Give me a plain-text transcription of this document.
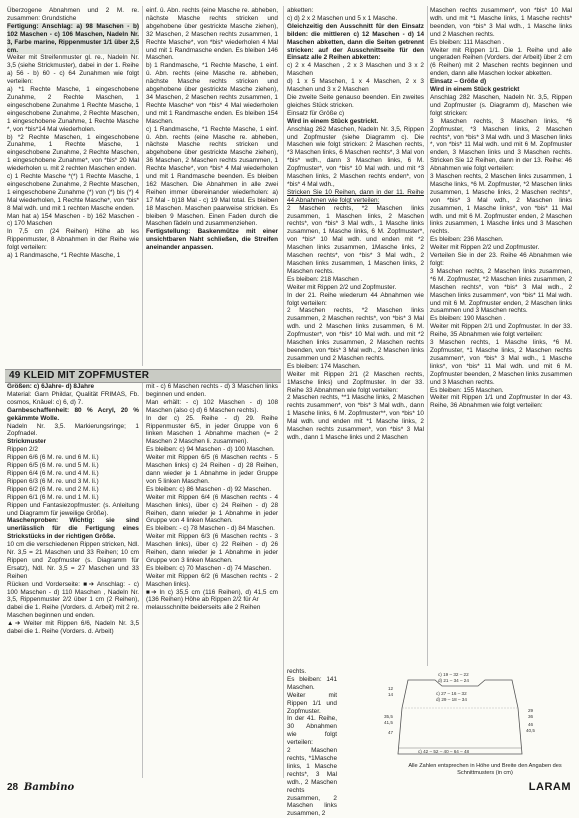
Überzogene Abnahmen und 2 M. re. zusammen: Grundstiche

Fertigung: Anschlag: a) 98 Maschen - b) 102 Maschen - c) 106 Maschen, Nadeln Nr. 3, Farbe marine, Rippenmuster 1/1 über 2,5 cm.

Weiter mit Streifenmuster gl. re., Nadeln Nr. 3,5 (siehe Strickmuster), dabei in der 1. Reihe a) 56 - b) 60 - c) 64 Zunahmen wie folgt verteilen:

a) *1 Rechte Masche, 1 eingeschobene Zunahme, 2 Rechte Maschen, 1 eingeschobene Zunahme 1 Rechte Masche, 1 eingeschobene Zunahme, 2 Rechte Maschen, 1 eingeschobene Zunahme, 1 Rechte Masche *, von *bis*14 Mal wiederholen.

b) *2 Rechte Maschen, 1 eingeschobene Zunahme, 1 Rechte Masche, 1 eingeschobene Zunahme, 2 Rechte Maschen, 1 eingeschobene Zunahme*, von *bis* 20 Mal wiederholen u. mit 2 rechten Maschen enden.

c) 1 Rechte Masche *(*) 1 Rechte Masche, 1 eingeschobene Zunahme, 2 Rechte Maschen, 1 eingeschobene Zunahme (*) von (*) bis (*) 4 Mal wiederholen, 1 Rechte Masche*, von *bis* 8 Mal wdh. und mit 1 rechten Masche enden.

Man hat a) 154 Maschen - b) 162 Maschen - c) 170 Maschen

In 7,5 cm (24 Reihen) Höhe ab les Rippenmuster, 8 Abnahmen in der Reihe wie folgt verteilen:

a) 1 Randmasche, *1 Rechte Masche, 1

einf. û. Abn. rechts (eine Masche re. abheben, nächste Masche rechts stricken und abgehobene über gestrickte Masche ziehen), 32 Maschen, 2 Maschen rechts zusammen, 1 Rechte Masche*, von *bis* wiederholen 4 Mal und mit 1 Randmasche enden. Es bleiben 146 Maschen.

b) 1 Randmasche, *1 Rechte Masche, 1 einf. û. Abn. rechts (eine Masche re. abheben, nächste Masche rechts stricken und abgehobene über gestrickte Masche ziehen), 34 Maschen, 2 Maschen rechts zusammen, 1 Rechte Masche* von *bis* 4 Mal wiederholen und mit 1 Randmasche enden. Es bleiben 154 Maschen.

c) 1 Randmasche, *1 Rechte Masche, 1 einf. û. Abn. rechts (eine Masche re. abheben, nächste Masche rechts stricken und abgehobene über gestrickte Masche ziehen), 36 Maschen, 2 Maschen rechts zusammen, 1 Rechte Masche*, von *bis* 4 Mal wiederholen und mit 1 Randmasche beenden. Es bleiben 162 Maschen. Die Abnahmen in alle zwei Reihen immer übereinander wiederholen: a) 17 Mal - b)18 Mal - c) 19 Mal total. Es bleiben 18 Maschen. Maschen paarweise stricken. Es bleiben 9 Maschen. Einen Faden durch die Maschen fädeln und zusammenziehen.

Fertigstellung: Baskenmütze mit einer unsichtbaren Naht schließen, die Streifen aneinander anpassen.

49 KLEID MIT ZOPFMUSTER

Größen: c) 6Jahre- d) 8Jahre

Material: Garn Phildar, Qualität FRIMAS, Fb. cosmos, Knäuel: c) 6, d) 7.

Garnbeschaffenheit: 80 % Acryl, 20 % gekämmte Wolle.

Nadeln Nr. 3,5. Markierungsringe; 1 Zopfnadel.

Strickmuster

Rippen 2/2

Rippen 6/6 (6 M. re. und 6 M. li.)

Rippen 6/5 (6 M. re. und 5 M. li.)

Rippen 6/4 (6 M. re. und 4 M. li.)

Rippen 6/3 (6 M. re. und 3 M. li.)

Rippen 6/2 (6 M. re. und 2 M. li.)

Rippen 6/1 (6 M. re. und 1 M. li.)

Rippen und Fantasiezopfmuster: (s. Anleitung und Diagramm für jeweilige Größe).

Maschenproben: Wichtig: sie sind unerlässlich für die Fertigung eines Strickstücks in der richtigen Größe.

10 cm die verschiedenen Rippen stricken, Ndl. Nr. 3,5 = 21 Maschen und 33 Reihen; 10 cm Rippen und Zopfmuster (s. Diagramm für Ersatz), Ndl. Nr. 3,5 = 27 Maschen und 33 Reihen

Rücken und Vorderseite: ■➔ Anschlag: - c) 100 Maschen - d) 110 Maschen , Nadeln Nr. 3,5, Rippenmuster 2/2 über 1 cm (2 Reihen), dabei die 1. Reihe (Vorders. d. Arbeit) mit 2 re. Maschen beginnen und enden.

▲➔ Weiter mit Rippen 6/6, Nadeln Nr. 3,5 dabei die 1. Reihe (Vorders. d. Arbeit)

mit - c) 6 Maschen rechts - d) 3 Maschen links beginnen und enden.

Man erhält: - c) 102 Maschen - d) 108 Maschen (also c) d) 6 Maschen rechts).

In der c) 25. Reihe - d) 29. Reihe Rippenmuster 6/5, in jeder Gruppe von 6 linken Maschen 1 Abnahme machen (= 2 Maschen 2 Maschen li. zusammen).

Es bleiben: c) 94 Maschen - d) 100 Maschen.

Weiter mit Rippen 6/5 (6 Maschen rechts - 5 Maschen links) c) 24 Reihen - d) 28 Reihen, dann wieder je 1 Abnahme in jeder Gruppe von 5 linken Maschen.

Es bleiben: c) 86 Maschen - d) 92 Maschen.

Weiter mit Rippen 6/4 (6 Maschen rechts - 4 Maschen links), über c) 24 Reihen - d) 28 Reihen, dann wieder je 1 Abnahme in jeder Gruppe von 4 linken Maschen.

Es bleiben: - c) 78 Maschen - d) 84 Maschen.

Weiter mit Rippen 6/3 (6 Maschen rechts - 3 Maschen links), über c) 22 Reihen - d) 26 Reihen, dann wieder je 1 Abnahme in jeder Gruppe von 3 linken Maschen.

Es bleiben: c) 70 Maschen - d) 74 Maschen.

Weiter mit Rippen 6/2 (6 Maschen rechts - 2 Maschen links).

■➔ In c) 35,5 cm (116 Reihen), d) 41,5 cm (136 Reihen) Höhe ab Rippen 2/2 für Ar

melausschnitte beiderseits alle 2 Reihen

abketten:

c) d) 2 x 2 Maschen und 5 x 1 Masche.

Gleichzeitig den Ausschnitt für den Einsatz bilden: die mittleren c) 12 Maschen - d) 14 Maschen abketten, dann die Seiten getrennt stricken: auf der Ausschnittseite für den Einsatz alle 2 Reihen abketten:

c) 2 x 4 Maschen , 2 x 3 Maschen und 3 x 2 Maschen

d) 1 x 5 Maschen, 1 x 4 Maschen, 2 x 3 Maschen und 3 x 2 Maschen

Die zweite Seite genauso beenden. Ein zweites gleiches Stück stricken.

Einsatz für Größe c)

Wird in einem Stück gestrickt.

Anschlag 262 Maschen, Nadeln Nr. 3,5, Rippen und Zopfmuster (siehe Diagramm c). Die Maschen wie folgt stricken: 2 Maschen rechts, *3 Maschen links, 6 Maschen rechts*, 3 Mal von *bis* wdh., dann 3 Maschen links, 6 M. Zopfmuster*, von *bis* 10 Mal wdh. und mit *3 Maschen links, 2 Maschen rechts enden*, von *bis* 4 Mal wdh.,

Stricken Sie 10 Reihen, dann in der 11. Reihe 44 Abnahmen wie folgt verteilen:

2 Maschen rechts, *2 Maschen links zusammen, 1 Maschen links, 2 Maschen rechts*, von *bis* 3 Mal wdh., 1 Masche links zusammen, 1 Masche links, 6 M. Zopfmuster*, von *bis* 10 Mal wdh. und enden mit *2 Maschen links zusammen, 1Masche links, 2 Maschen rechts*, von *bis* 3 Mal wdh., 2 Maschen links zusammen, 1 Maschen links, 2 Maschen rechts.

Es bleiben: 218 Maschen .

Weiter mit Rippen 2/2 und Zopfmuster.

In der 21. Reihe wiederum 44 Abnahmen wie folgt verteilen:

2 Maschen rechts, *2 Maschen links zusammen, 2 Maschen rechts*, von *bis* 3 Mal wdh. und 2 Maschen links zusammen, 6 M. Zopfmuster*, von *bis* 10 Mal wdh. und mit *2 Maschen links zusammen, 2 Maschen rechts beenden, von *bis* 3 Mal wdh., 2 Maschen links zusammen und 2 Maschen rechts.

Es bleiben: 174 Maschen.

Weiter mit Rippen 2/1 (2 Maschen rechts, 1Masche links) und Zopfmuster. In der 33. Reihe 33 Abnahmen wie folgt verteilen:

2 Maschen rechts, **1 Masche links, 2 Maschen rechts zusammen*, von *bis* 3 Mal wdh., dann 1 Masche links, 6 M. Zopfmuster**, von *bis* 10 Mal wdh. und enden mit *1 Masche links, 2 Maschen rechts zusammen*, von *bis* 3 Mal wdh., dann 1 Masche links und 2 Maschen

rechts.

Es bleiben: 141 Maschen.

Weiter mit Rippen 1/1 und Zopfmuster.

In der 41. Reihe, 30 Abnahmen wie folgt verteilen:

2 Maschen rechts, *1Masche links, 1 Masche rechts*, 3 Mal wdh., 2 Maschen rechts zusammen, 2 Maschen links zusammen, 2

Maschen rechts zusammen*, von *bis* 10 Mal wdh. und mit *1 Masche links, 1 Masche rechts* beenden, von *bis* 3 Mal wdh., 1 Masche links und 2 Maschen rechts.

Es bleiben: 111 Maschen .

Weiter mit Rippen 1/1. Die 1. Reihe und alle ungeraden Reihen (Vorders. der Arbeit) über 2 cm (6 Reihen) mit 2 Maschen rechts beginnen und enden, dann alle Maschen locker abketten.

Einsatz – Größe d)

Wird in einem Stück gestrickt

Anschlag 282 Maschen, Nadeln Nr. 3,5, Rippen und Zopfmuster (s. Diagramm d), Maschen wie folgt stricken:

3 Maschen rechts, 3 Maschen links, *6 Zopfmuster, *3 Maschen links, 2 Maschen rechts*, von *bis* 3 Mal wdh. und 3 Maschen links *, von *bis* 11 Mal wdh. und mit 6 M. Zopfmuster enden, 3 Maschen links und 3 Maschen rechts. Stricken Sie 12 Reihen, dann in der 13. Reihe: 46 Abnahmen wie folgt verteilen:

3 Maschen rechts, 2 Maschen links zusammen, 1 Masche links, *6 M. Zopfmuster, *2 Maschen links zusammen, 1 Masche links, 2 Maschen rechts*, von *bis* 3 Mal wdh., 2 Maschen links zusammen, 1 Masche links*, von *bis* 11 Mal wdh. und mit 6 M. Zopfmuster enden, 2 Maschen links zusammen, 1 Masche links und 3 Maschen rechts.

Es bleiben: 236 Maschen.

Weiter mit Rippen 2/2 und Zopfmuster.

Verteilen Sie in der 23. Reihe 46 Abnahmen wie folgt:

3 Maschen rechts, 2 Maschen links zusammen, *6 M. Zopfmuster, *2 Maschen links zusammen, 2 Maschen rechts*, von *bis* 3 Mal wdh., 2 Maschen links zusammen*, von *bis* 11 Mal wdh. und mit 6 M. Zopfmuster enden, 2 Maschen links zusammen und 3 Maschen rechts.

Es bleiben: 190 Maschen .

Weiter mit Rippen 2/1 und Zopfmuster. In der 33. Reihe, 35 Abnahmen wie folgt verteilen:

3 Maschen rechts, 1 Masche links, *6 M. Zopfmuster, *1 Masche links, 2 Maschen rechts zusammen*, von *bis* 3 Mal wdh., 1 Masche links*, von *bis* 11 Mal wdh. und mit 6 M. Zopfmuster beenden, 2 Maschen links zusammen und 3 Maschen rechts.

Es bleiben: 155 Maschen.

Weiter mit Rippen 1/1 und Zopfmuster In der 43. Reihe, 36 Abnahmen wie folgt verteilen:

c) 19 – 32 – 22
d) 21 – 34 – 24
c) 27 – 16 – 32
d) 29 – 18 – 34
c) 42 – 52 – 40 – 64 – 48
12
14
35,5
41,5
47
29
36
46
40,5
Alle Zahlen entsprechen in Höhe und Breite den Angaben des Schnittmusters (in cm)
28 Bambino	LARAM
